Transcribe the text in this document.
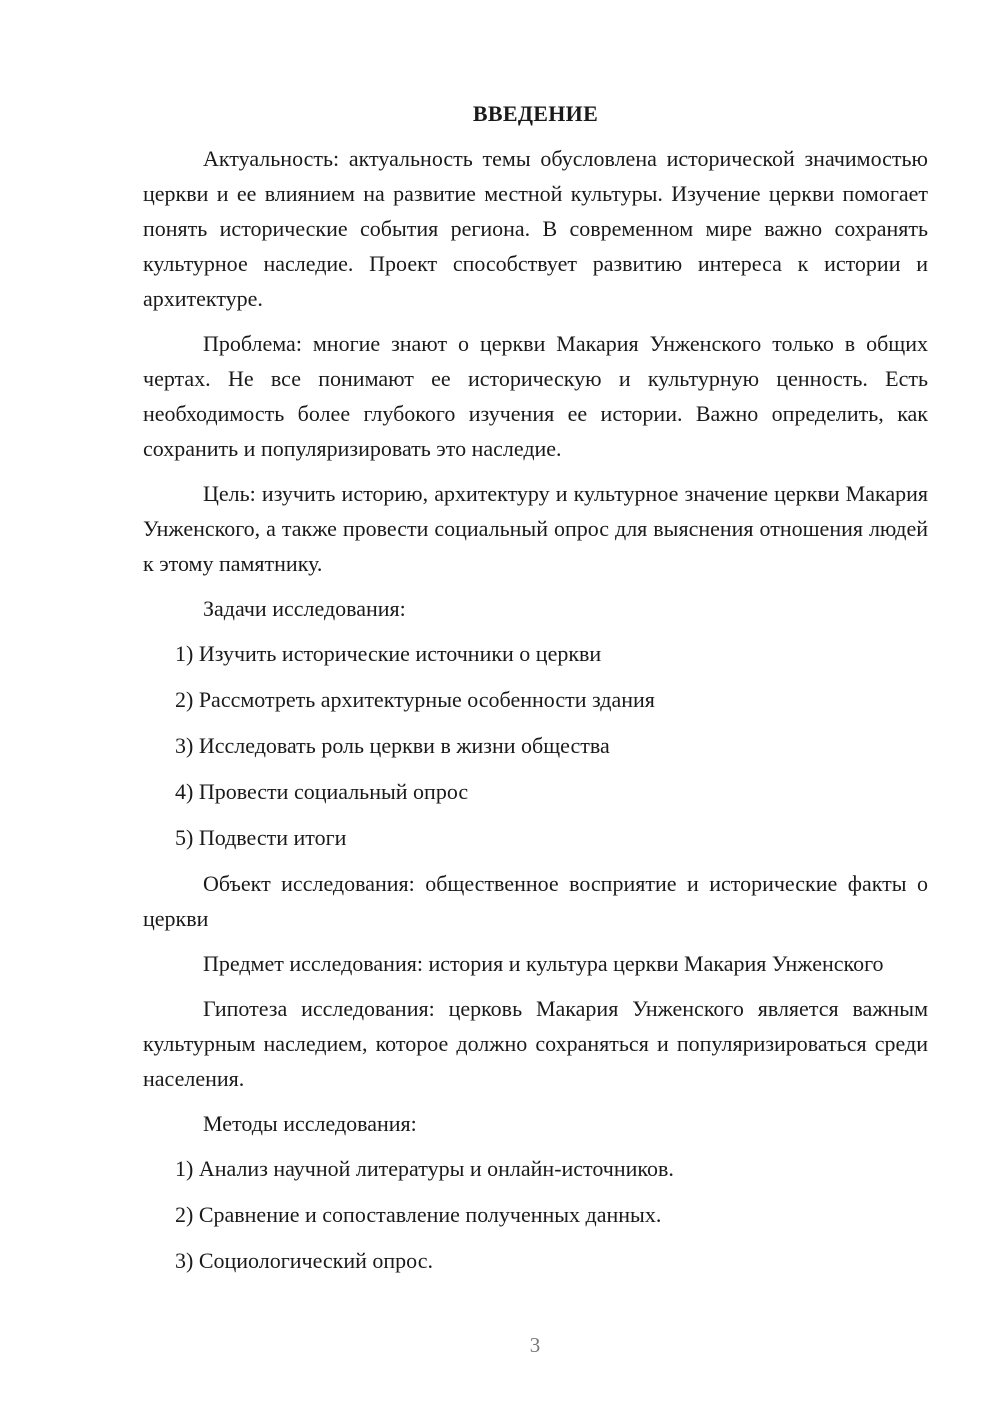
ВВЕДЕНИЕ

Актуальность: актуальность темы обусловлена исторической значимостью церкви и ее влиянием на развитие местной культуры. Изучение церкви помогает понять исторические события региона. В современном мире важно сохранять культурное наследие. Проект способствует развитию интереса к истории и архитектуре.

Проблема: многие знают о церкви Макария Унженского только в общих чертах. Не все понимают ее историческую и культурную ценность. Есть необходимость более глубокого изучения ее истории. Важно определить, как сохранить и популяризировать это наследие.

Цель: изучить историю, архитектуру и культурное значение церкви Макария Унженского, а также провести социальный опрос для выяснения отношения людей к этому памятнику.

Задачи исследования:

1) Изучить исторические источники о церкви
2) Рассмотреть архитектурные особенности здания
3) Исследовать роль церкви в жизни общества
4) Провести социальный опрос
5) Подвести итоги

Объект исследования: общественное восприятие и исторические факты о церкви

Предмет исследования: история и культура церкви Макария Унженского

Гипотеза исследования: церковь Макария Унженского является важным культурным наследием, которое должно сохраняться и популяризироваться среди населения.

Методы исследования:

1) Анализ научной литературы и онлайн-источников.
2) Сравнение и сопоставление полученных данных.
3) Социологический опрос.
3
